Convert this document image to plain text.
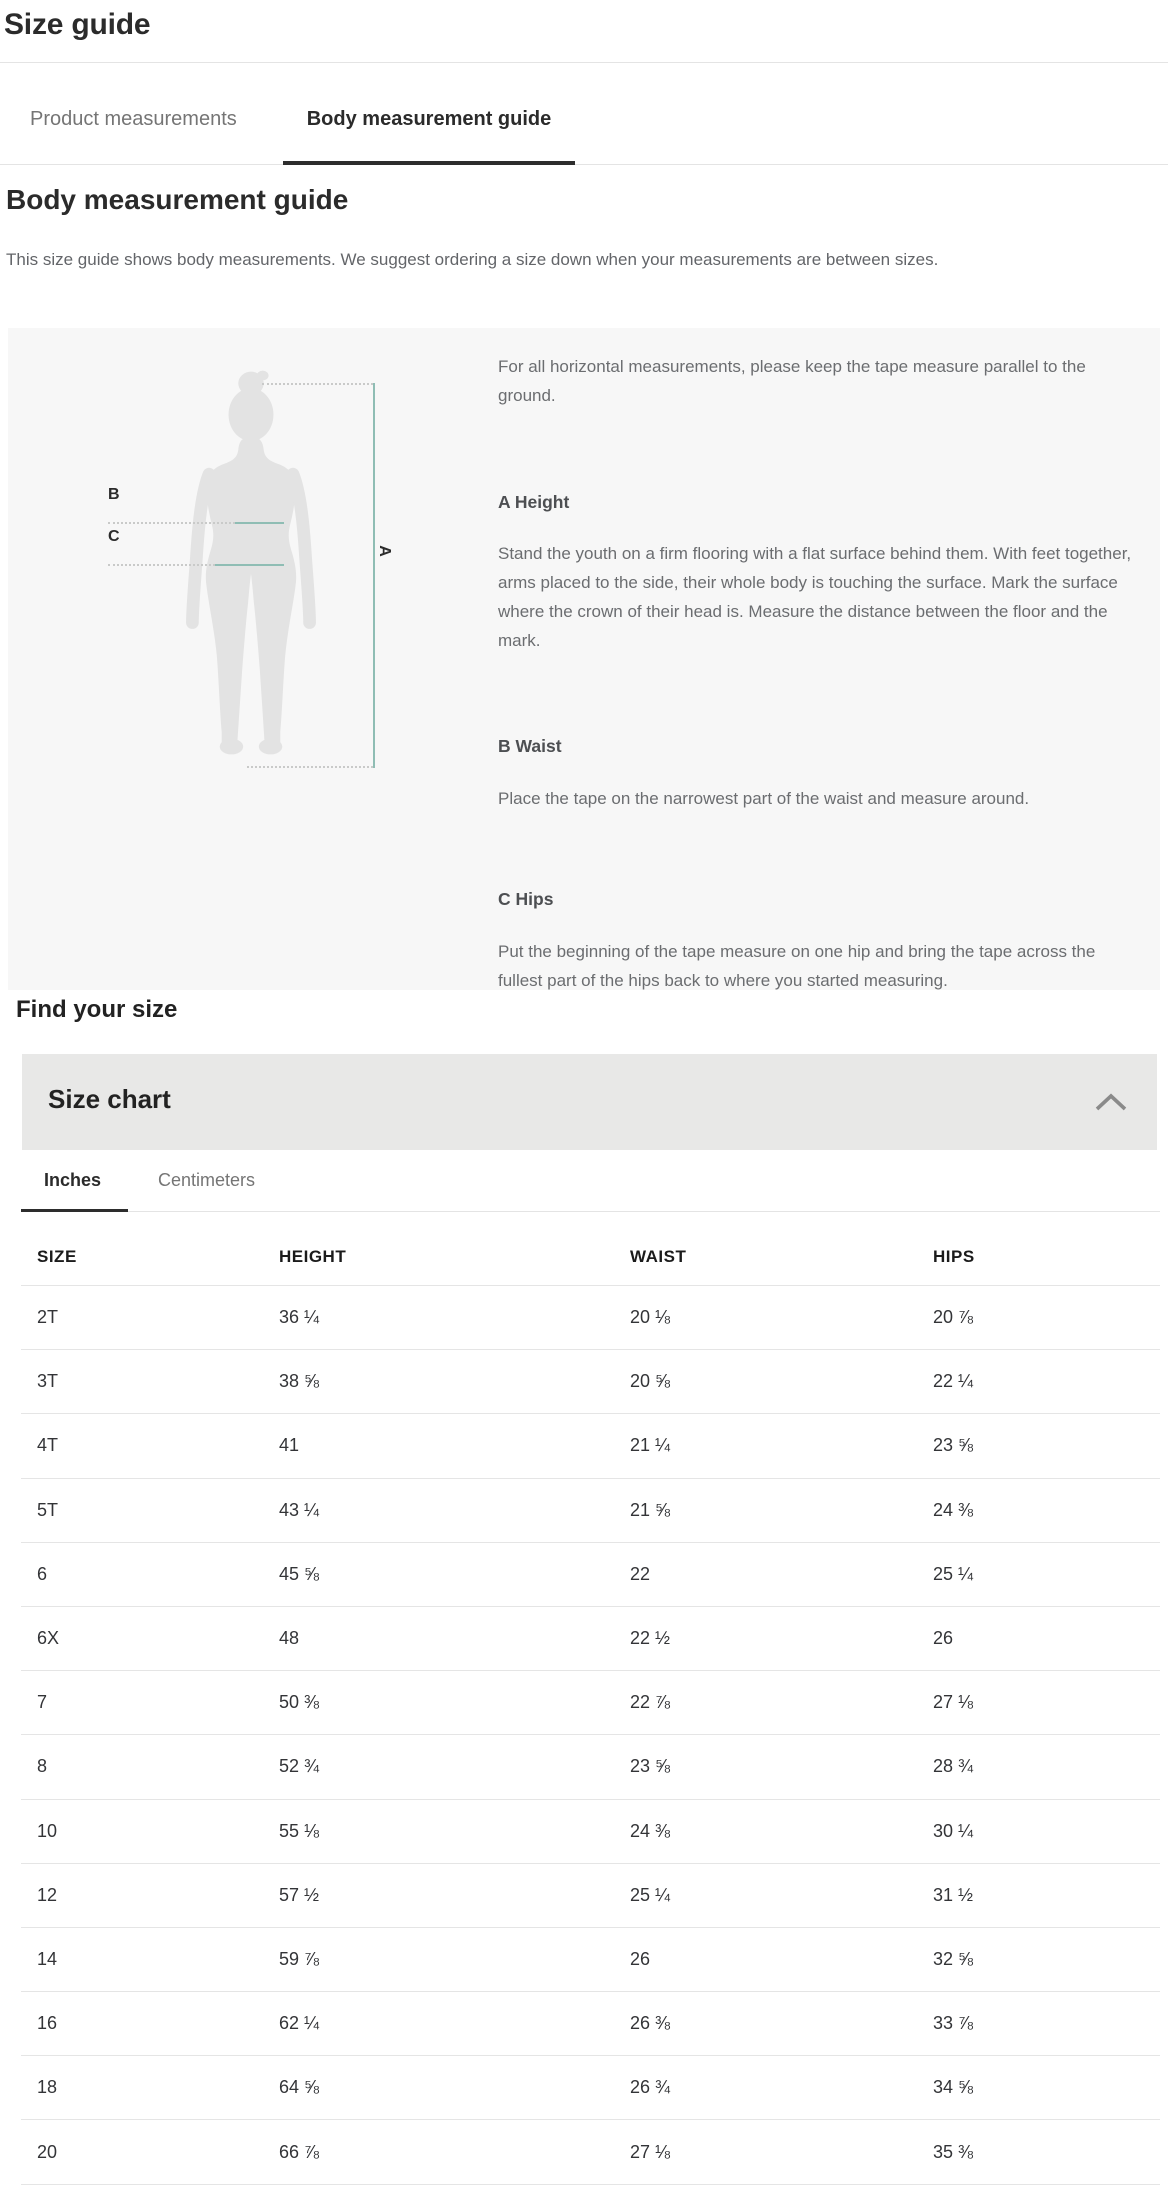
Size guide
Product measurements	Body measurement guide
Body measurement guide
This size guide shows body measurements. We suggest ordering a size down when your measurements are between sizes.
B
C
A

For all horizontal measurements, please keep the tape measure parallel to the ground.

A Height

Stand the youth on a firm flooring with a flat surface behind them. With feet together, arms placed to the side, their whole body is touching the surface. Mark the surface where the crown of their head is. Measure the distance between the floor and the mark.

B Waist

Place the tape on the narrowest part of the waist and measure around.

C Hips

Put the beginning of the tape measure on one hip and bring the tape across the fullest part of the hips back to where you started measuring.

Find your size
Size chart
Inches	Centimeters
SIZE	HEIGHT	WAIST	HIPS
2T	36 ¼	20 ⅛	20 ⅞
3T	38 ⅝	20 ⅝	22 ¼
4T	41	21 ¼	23 ⅝
5T	43 ¼	21 ⅝	24 ⅜
6	45 ⅝	22	25 ¼
6X	48	22 ½	26
7	50 ⅜	22 ⅞	27 ⅛
8	52 ¾	23 ⅝	28 ¾
10	55 ⅛	24 ⅜	30 ¼
12	57 ½	25 ¼	31 ½
14	59 ⅞	26	32 ⅝
16	62 ¼	26 ⅜	33 ⅞
18	64 ⅝	26 ¾	34 ⅝
20	66 ⅞	27 ⅛	35 ⅜
